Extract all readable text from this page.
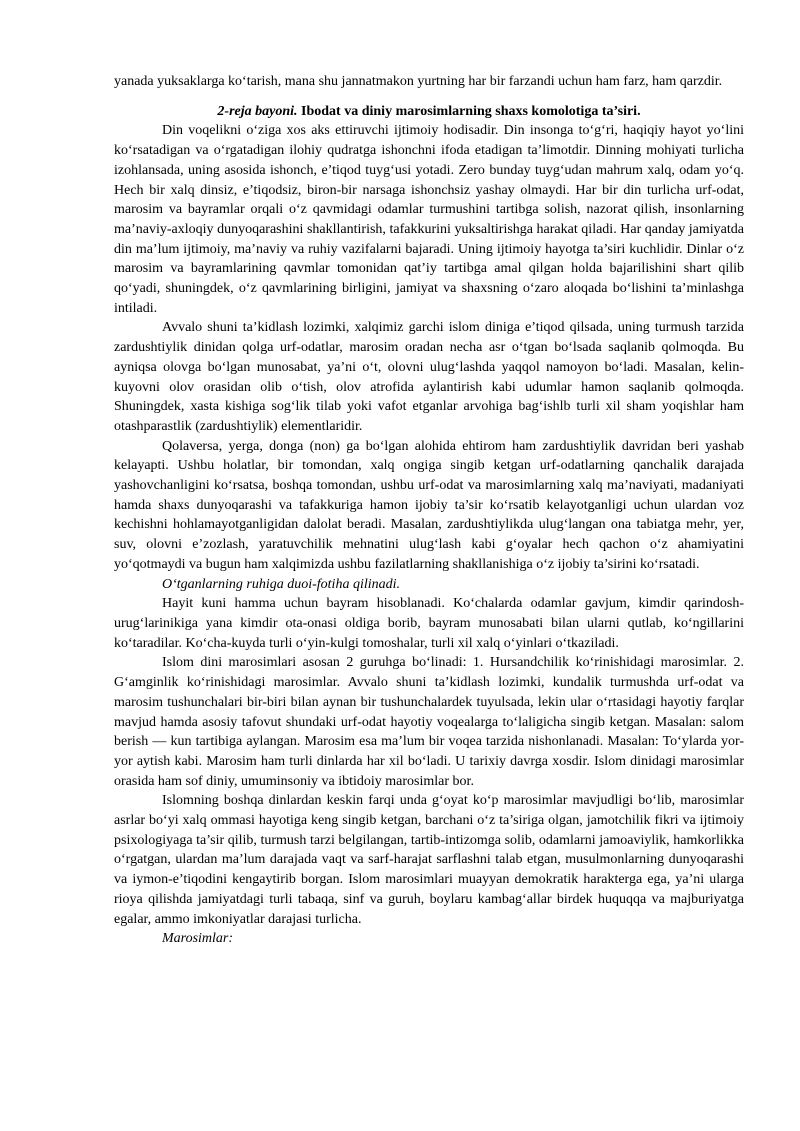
yanada yuksaklarga ko‘tarish, mana shu jannatmakon yurtning har bir farzandi uchun ham farz, ham qarzdir.

2-reja bayoni. Ibodat va diniy marosimlarning shaxs komolotiga ta’siri.

Din voqelikni o‘ziga xos aks ettiruvchi ijtimoiy hodisadir. Din insonga to‘g‘ri, haqiqiy hayot yo‘lini ko‘rsatadigan va o‘rgatadigan ilohiy qudratga ishonchni ifoda etadigan ta’limotdir. Dinning mohiyati turlicha izohlansada, uning asosida ishonch, e’tiqod tuyg‘usi yotadi. Zero bunday tuyg‘udan mahrum xalq, odam yo‘q. Hech bir xalq dinsiz, e’tiqodsiz, biron-bir narsaga ishonchsiz yashay olmaydi. Har bir din turlicha urf-odat, marosim va bayramlar orqali o‘z qavmidagi odamlar turmushini tartibga solish, nazorat qilish, insonlarning ma’naviy-axloqiy dunyoqarashini shakllantirish, tafakkurini yuksaltirishga harakat qiladi. Har qanday jamiyatda din ma’lum ijtimoiy, ma’naviy va ruhiy vazifalarni bajaradi. Uning ijtimoiy hayotga ta’siri kuchlidir. Dinlar o‘z marosim va bayramlarining qavmlar tomonidan qat’iy tartibga amal qilgan holda bajarilishini shart qilib qo‘yadi, shuningdek, o‘z qavmlarining birligini, jamiyat va shaxsning o‘zaro aloqada bo‘lishini ta’minlashga intiladi.

Avvalo shuni ta’kidlash lozimki, xalqimiz garchi islom diniga e’tiqod qilsada, uning turmush tarzida zardushtiylik dinidan qolga urf-odatlar, marosim oradan necha asr o‘tgan bo‘lsada saqlanib qolmoqda. Bu ayniqsa olovga bo‘lgan munosabat, ya’ni o‘t, olovni ulug‘lashda yaqqol namoyon bo‘ladi. Masalan, kelin-kuyovni olov orasidan olib o‘tish, olov atrofida aylantirish kabi udumlar hamon saqlanib qolmoqda. Shuningdek, xasta kishiga sog‘lik tilab yoki vafot etganlar arvohiga bag‘ishlb turli xil sham yoqishlar ham otashparastlik (zardushtiylik) elementlaridir.

Qolaversa, yerga, donga (non) ga bo‘lgan alohida ehtirom ham zardushtiylik davridan beri yashab kelayapti. Ushbu holatlar, bir tomondan, xalq ongiga singib ketgan urf-odatlarning qanchalik darajada yashovchanligini ko‘rsatsa, boshqa tomondan, ushbu urf-odat va marosimlarning xalq ma’naviyati, madaniyati hamda shaxs dunyoqarashi va tafakkuriga hamon ijobiy ta’sir ko‘rsatib kelayotganligi uchun ulardan voz kechishni hohlamayotganligidan dalolat beradi. Masalan, zardushtiylikda ulug‘langan ona tabiatga mehr, yer, suv, olovni e’zozlash, yaratuvchilik mehnatini ulug‘lash kabi g‘oyalar hech qachon o‘z ahamiyatini yo‘qotmaydi va bugun ham xalqimizda ushbu fazilatlarning shakllanishiga o‘z ijobiy ta’sirini ko‘rsatadi.

O‘tganlarning ruhiga duoi-fotiha qilinadi.

Hayit kuni hamma uchun bayram hisoblanadi. Ko‘chalarda odamlar gavjum, kimdir qarindosh-urug‘larinikiga yana kimdir ota-onasi oldiga borib, bayram munosabati bilan ularni qutlab, ko‘ngillarini ko‘taradilar. Ko‘cha-kuyda turli o‘yin-kulgi tomoshalar, turli xil xalq o‘yinlari o‘tkaziladi.

Islom dini marosimlari asosan 2 guruhga bo‘linadi: 1. Hursandchilik ko‘rinishidagi marosimlar. 2. G‘amginlik ko‘rinishidagi marosimlar. Avvalo shuni ta’kidlash lozimki, kundalik turmushda urf-odat va marosim tushunchalari bir-biri bilan aynan bir tushunchalardek tuyulsada, lekin ular o‘rtasidagi hayotiy farqlar mavjud hamda asosiy tafovut shundaki urf-odat hayotiy voqealarga to‘laligicha singib ketgan. Masalan: salom berish — kun tartibiga aylangan. Marosim esa ma’lum bir voqea tarzida nishonlanadi. Masalan: To‘ylarda yor-yor aytish kabi. Marosim ham turli dinlarda har xil bo‘ladi. U tarixiy davrga xosdir. Islom dinidagi marosimlar orasida ham sof diniy, umuminsoniy va ibtidoiy marosimlar bor.

Islomning boshqa dinlardan keskin farqi unda g‘oyat ko‘p marosimlar mavjudligi bo‘lib, marosimlar asrlar bo‘yi xalq ommasi hayotiga keng singib ketgan, barchani o‘z ta’siriga olgan, jamotchilik fikri va ijtimoiy psixologiyaga ta’sir qilib, turmush tarzi belgilangan, tartib-intizomga solib, odamlarni jamoaviylik, hamkorlikka o‘rgatgan, ulardan ma’lum darajada vaqt va sarf-harajat sarflashni talab etgan, musulmonlarning dunyoqarashi va iymon-e’tiqodini kengaytirib borgan. Islom marosimlari muayyan demokratik harakterga ega, ya’ni ularga rioya qilishda jamiyatdagi turli tabaqa, sinf va guruh, boylaru kambag‘allar birdek huquqqa va majburiyatga egalar, ammo imkoniyatlar darajasi turlicha.

Marosimlar:
